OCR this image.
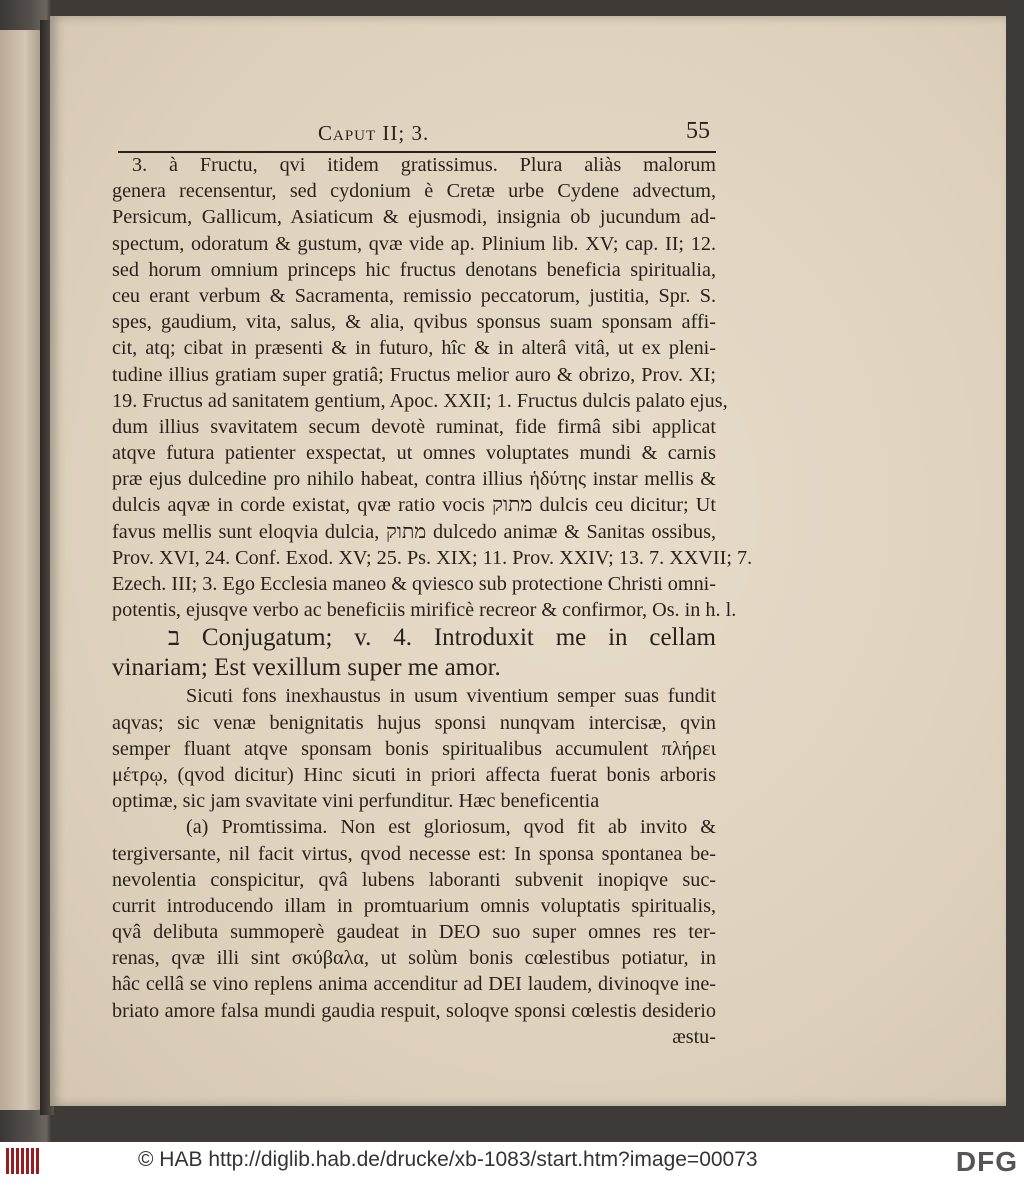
Caput II; 3.	55
3. à Fructu, qvi itidem gratissimus. Plura aliàs malorum
genera recensentur, sed cydonium è Cretæ urbe Cydene advectum,
Persicum, Gallicum, Asiaticum & ejusmodi, insignia ob jucundum ad-
spectum, odoratum & gustum, qvæ vide ap. Plinium lib. XV; cap. II; 12.
sed horum omnium princeps hic fructus denotans beneficia spiritualia,
ceu erant verbum & Sacramenta, remissio peccatorum, justitia, Spr. S.
spes, gaudium, vita, salus, & alia, qvibus sponsus suam sponsam affi-
cit, atq; cibat in præsenti & in futuro, hîc & in alterâ vitâ, ut ex pleni-
tudine illius gratiam super gratiâ; Fructus melior auro & obrizo, Prov. XI;
19. Fructus ad sanitatem gentium, Apoc. XXII; 1. Fructus dulcis palato ejus,
dum illius svavitatem secum devotè ruminat, fide firmâ sibi applicat
atqve futura patienter exspectat, ut omnes voluptates mundi & carnis
præ ejus dulcedine pro nihilo habeat, contra illius ἡδύτης instar mellis &
dulcis aqvæ in corde existat, qvæ ratio vocis מתוק dulcis ceu dicitur; Ut
favus mellis sunt eloqvia dulcia, מתוק dulcedo animæ & Sanitas ossibus,
Prov. XVI, 24. Conf. Exod. XV; 25. Ps. XIX; 11. Prov. XXIV; 13. 7. XXVII; 7.
Ezech. III; 3. Ego Ecclesia maneo & qviesco sub protectione Christi omni-
potentis, ejusqve verbo ac beneficiis mirificè recreor & confirmor, Os. in h. l.
ב Conjugatum; v. 4. Introduxit me in cellam
vinariam; Est vexillum super me amor.
Sicuti fons inexhaustus in usum viventium semper suas fundit
aqvas; sic venæ benignitatis hujus sponsi nunqvam intercisæ, qvin
semper fluant atqve sponsam bonis spiritualibus accumulent πλήρει
μέτρῳ, (qvod dicitur) Hinc sicuti in priori affecta fuerat bonis arboris
optimæ, sic jam svavitate vini perfunditur. Hæc beneficentia
(a) Promtissima. Non est gloriosum, qvod fit ab invito &
tergiversante, nil facit virtus, qvod necesse est: In sponsa spontanea be-
nevolentia conspicitur, qvâ lubens laboranti subvenit inopiqve suc-
currit introducendo illam in promtuarium omnis voluptatis spiritualis,
qvâ delibuta summoperè gaudeat in DEO suo super omnes res ter-
renas, qvæ illi sint σκύβαλα, ut solùm bonis cœlestibus potiatur, in
hâc cellâ se vino replens anima accenditur ad DEI laudem, divinoqve ine-
briato amore falsa mundi gaudia respuit, soloqve sponsi cœlestis desiderio
æstu-
© HAB http://diglib.hab.de/drucke/xb-1083/start.htm?image=00073	DFG
